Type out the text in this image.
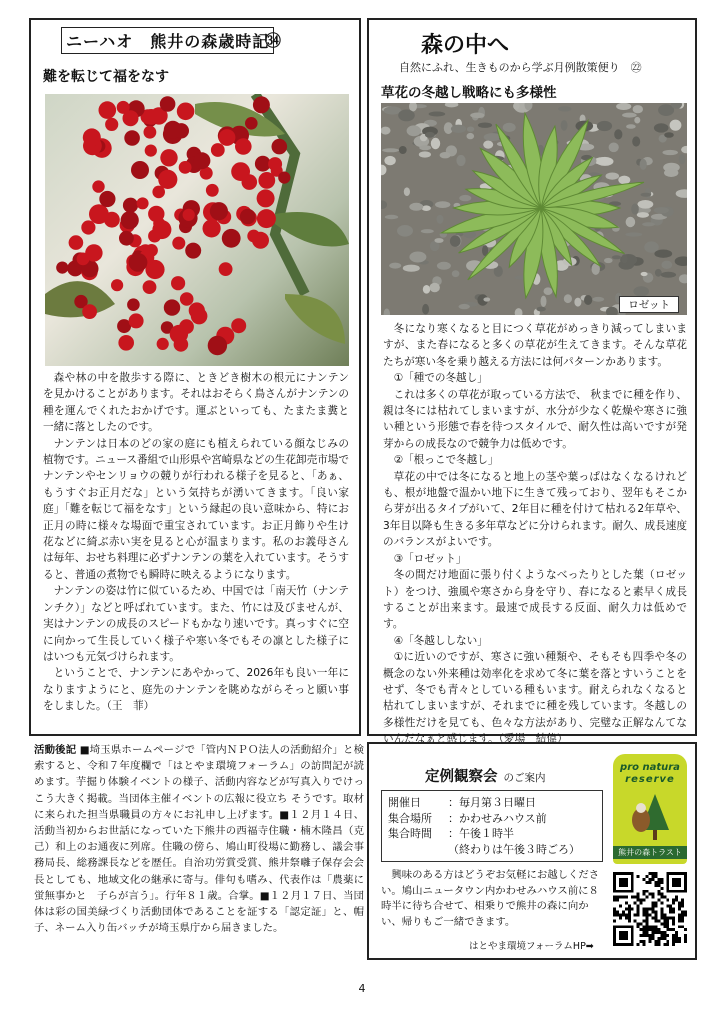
ニーハオ　熊井の森歳時記
㉞
難を転じて福をなす

森や林の中を散歩する際に、ときどき樹木の根元にナンテンを見かけることがあります。それはおそらく鳥さんがナンテンの種を運んでくれたおかげです。運ぶといっても、たまたま糞と一緒に落としたのです。

ナンテンは日本のどの家の庭にも植えられている顔なじみの植物です。ニュース番組で山形県や宮崎県などの生花卸売市場でナンテンやセンリョウの競りが行われる様子を見ると、「あぁ、もうすぐお正月だな」という気持ちが湧いてきます。「良い家庭」「難を転じて福をなす」という縁起の良い意味から、特にお正月の時に様々な場面で重宝されています。お正月飾りや生け花などに綺ぶ赤い実を見ると心が温まります。私のお義母さんは毎年、おせち料理に必ずナンテンの葉を入れています。そうすると、普通の煮物でも瞬時に映えるようになります。

ナンテンの姿は竹に似ているため、中国では「南天竹（ナンテンチク）」などと呼ばれています。また、竹には及びませんが、実はナンテンの成長のスピードもかなり速いです。真っすぐに空に向かって生長していく様子や寒い冬でもその凛とした様子にはいつも元気づけられます。

ということで、ナンテンにあやかって、2026年も良い一年になりますようにと、庭先のナンテンを眺めながらそっと願い事をしました。（王　菲）

森の中へ
自然にふれ、生きものから学ぶ月例散策便り　㉒
草花の冬越し戦略にも多様性
ロゼット

冬になり寒くなると目につく草花がめっきり減ってしまいますが、また春になると多くの草花が生えてきます。そんな草花たちが寒い冬を乗り越える方法には何パターンかあります。

①「種での冬越し」

これは多くの草花が取っている方法で、 秋までに種を作り、親は冬には枯れてしまいますが、水分が少なく乾燥や寒さに強い種という形態で春を待つスタイルで、耐久性は高いですが発芽からの成長なので競争力は低めです。

②「根っこで冬越し」

草花の中では冬になると地上の茎や葉っぱはなくなるけれども、根が地盤で温かい地下に生きて残っており、翌年もそこから芽が出るタイプがいて、2年目に種を付けて枯れる2年草や、3年目以降も生きる多年草などに分けられます。耐久、成長速度のバランスがよいです。

③「ロゼット」

冬の間だけ地面に張り付くようなべったりとした葉（ロゼット）をつけ、強風や寒さから身を守り、春になると素早く成長することが出来ます。最速で成長する反面、耐久力は低めです。

④「冬越ししない」

①に近いのですが、寒さに強い種類や、そもそも四季や冬の概念のない外来種は効率化を求めて冬に葉を落とすいうことをせず、冬でも青々としている種もいます。耐えられなくなると枯れてしまいますが、それまでに種を残しています。冬越しの多様性だけを見ても、色々な方法があり、完璧な正解なんてないんだなぁと感じます。（愛場　結偉）

活動後記 ■埼玉県ホームページで「管内ＮＰＯ法人の活動紹介」と検索すると、令和７年度欄で「はとやま環境フォーラム」の訪問記が読めます。芋掘り体験イベントの様子、活動内容などが写真入りでけっこう大きく掲載。当団体主催イベントの広報に役立ち そうです。取材に来られた担当県職員の方々にお礼申し上げます。■１２月１４日、活動当初からお世話になっていた下熊井の西福寺住職・楠木隆昌（克己）和上のお通夜に列席。住職の傍ら、鳩山町役場に勤務し、議会事務局長、総務課長などを歴任。自治功労賞受賞、熊井祭囃子保存会会長としても、地域文化の継承に寄与。俳句も嗜み、代表作は「農薬に　蛍無事かと　子らが言う」。行年８１歳。合掌。■１２月１７日、当団体は彩の国美緑づくり活動団体であることを証する「認定証」と、帽子、ネーム入り缶バッチが埼玉県庁から届きました。

定例観察会 のご案内
開催日	：毎月第３日曜日
集合場所	：かわせみハウス前
集合時間	：午後１時半
（終わりは午後３時ごろ）
興味のある方はどうぞお気軽にお越しください。鳩山ニュータウン内かわせみハウス前に８時半に待ち合せて、相乗りで熊井の森に向かい、帰りもご一緒できます。
はとやま環境フォーラムHP➡
pro natura
reserve
熊井の森トラスト
4
